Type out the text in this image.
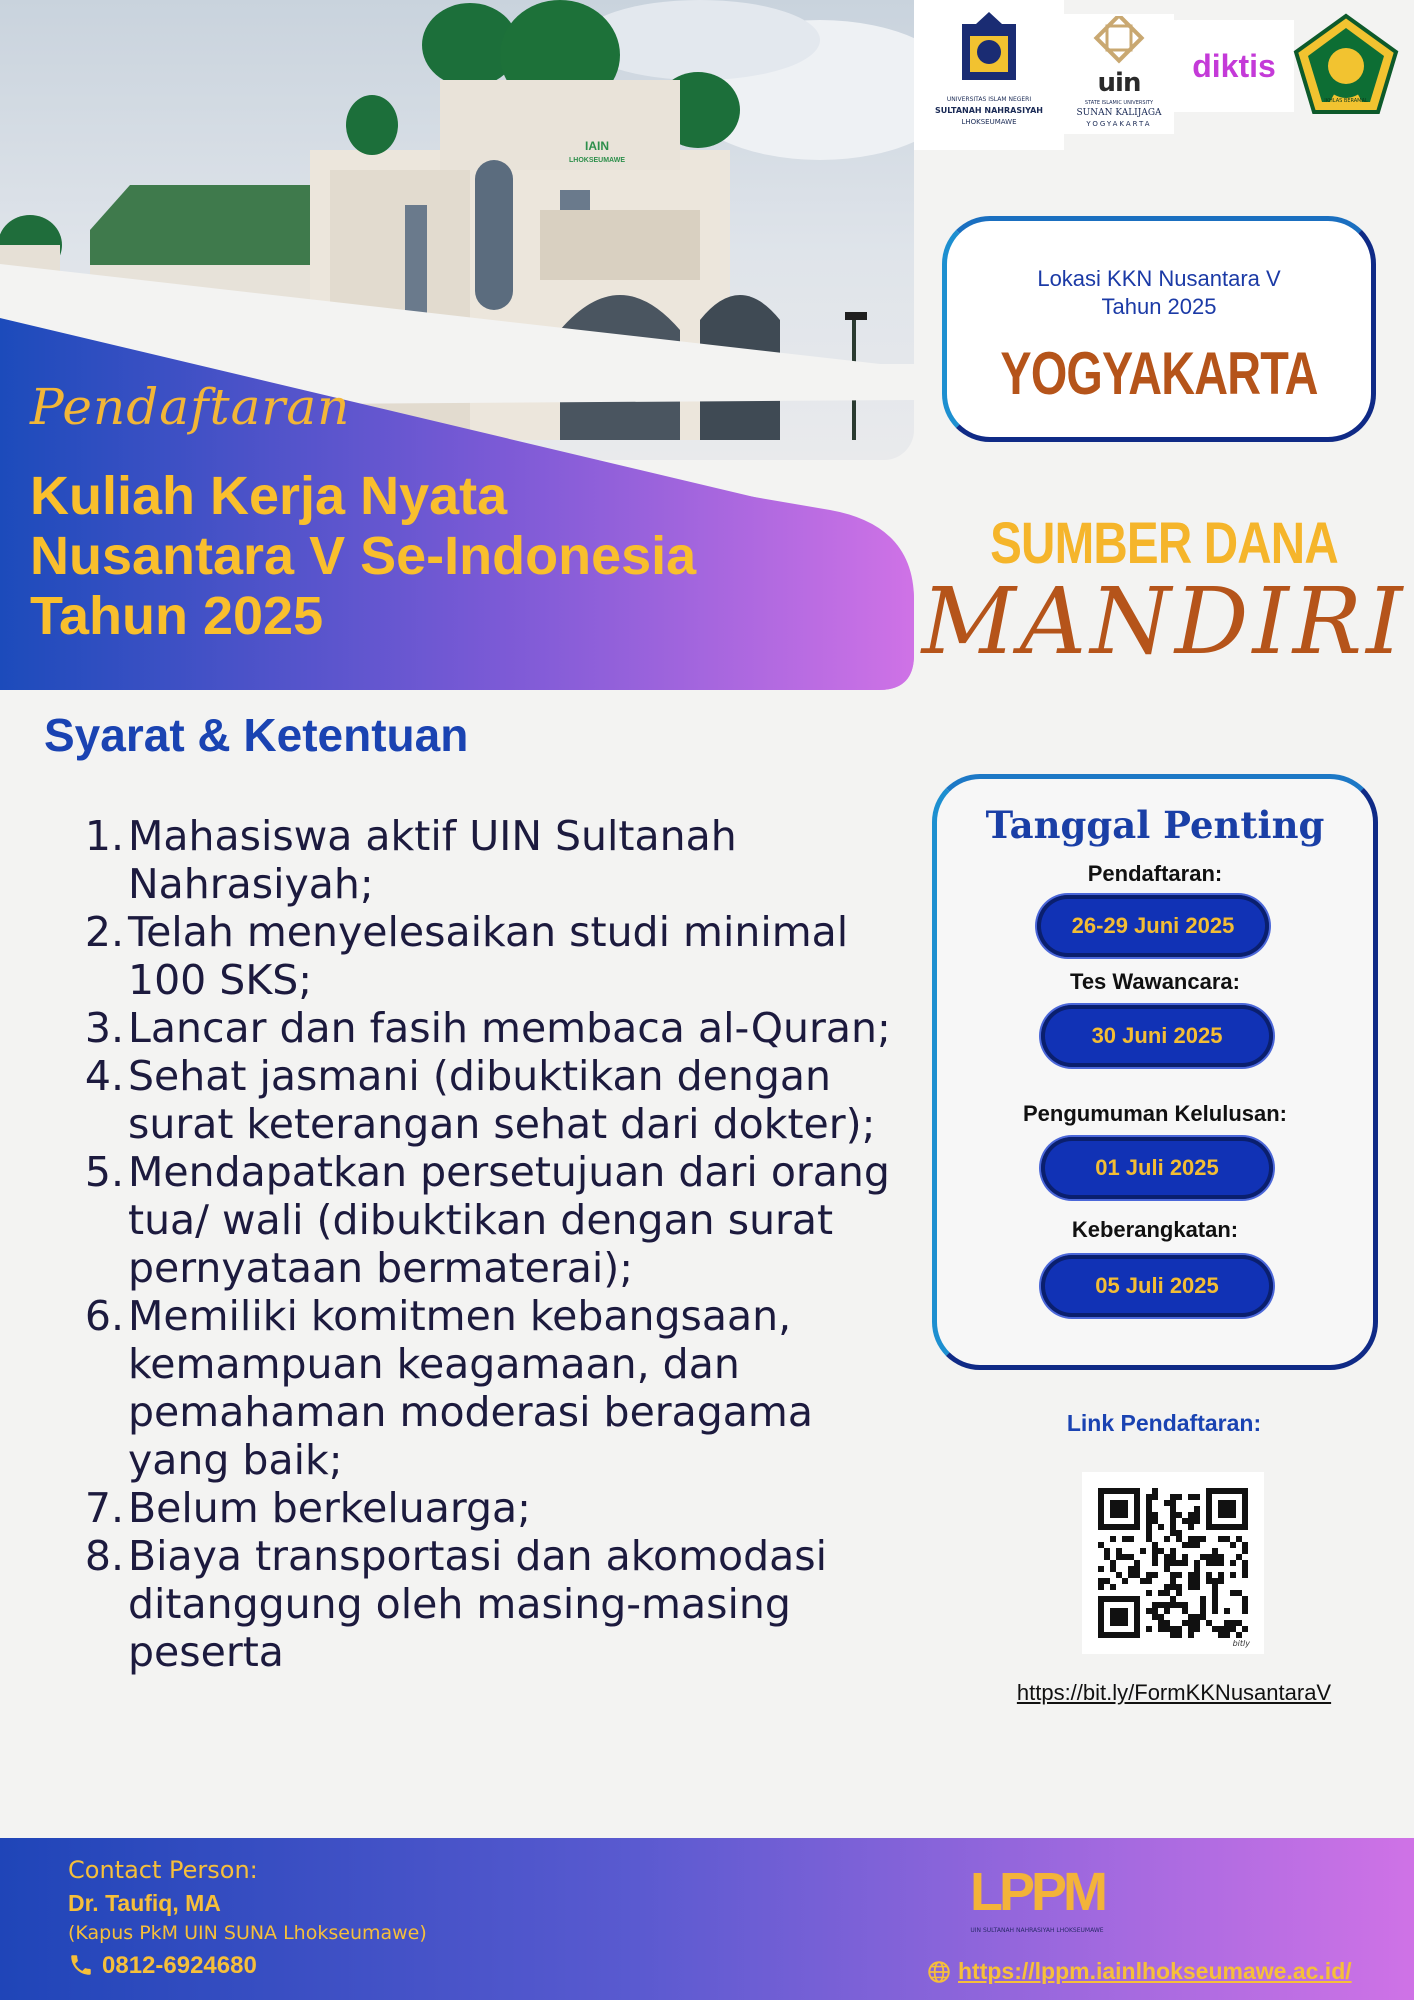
IAIN
LHOKSEUMAWE
Pendaftaran
Kuliah Kerja Nyata
Nusantara V Se-Indonesia
Tahun 2025
UNIVERSITAS ISLAM NEGERI
SULTANAH NAHRASIYAH
LHOKSEUMAWE
uin
STATE ISLAMIC UNIVERSITY
SUNAN KALIJAGA
YOGYAKARTA
diktis
IKHLAS BERAMAL
Lokasi KKN Nusantara V
Tahun 2025
YOGYAKARTA
SUMBER DANA
MANDIRI
Syarat & Ketentuan
1. Mahasiswa aktif UIN Sultanah Nahrasiyah;
2. Telah menyelesaikan studi minimal 100 SKS;
3. Lancar dan fasih membaca al-Quran;
4. Sehat jasmani (dibuktikan dengan surat keterangan sehat dari dokter);
5. Mendapatkan persetujuan dari orang tua/ wali (dibuktikan dengan surat pernyataan bermaterai);
6. Memiliki komitmen kebangsaan, kemampuan keagamaan, dan pemahaman moderasi beragama yang baik;
7. Belum berkeluarga;
8. Biaya transportasi dan akomodasi ditanggung oleh masing-masing peserta
Tanggal Penting
Pendaftaran:
26-29 Juni 2025
Tes Wawancara:
30 Juni 2025
Pengumuman Kelulusan:
01 Juli 2025
Keberangkatan:
05 Juli 2025
Link Pendaftaran:
bitly
https://bit.ly/FormKKNusantaraV
Contact Person:
Dr. Taufiq, MA
(Kapus PkM UIN SUNA Lhokseumawe)
0812-6924680
LPPM
UIN SULTANAH NAHRASIYAH LHOKSEUMAWE
https://lppm.iainlhokseumawe.ac.id/
